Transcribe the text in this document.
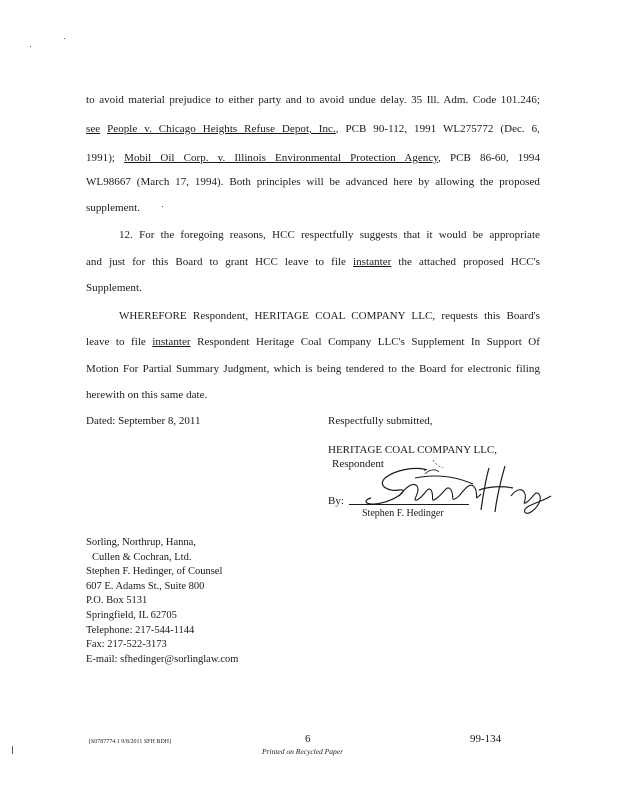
to avoid material prejudice to either party and to avoid undue delay. 35 Ill. Adm. Code 101.246;
see People v. Chicago Heights Refuse Depot, Inc., PCB 90-112, 1991 WL275772 (Dec. 6,
1991); Mobil Oil Corp. v. Illinois Environmental Protection Agency, PCB 86-60, 1994
WL98667 (March 17, 1994). Both principles will be advanced here by allowing the proposed
supplement.
12. For the foregoing reasons, HCC respectfully suggests that it would be appropriate
and just for this Board to grant HCC leave to file instanter the attached proposed HCC's
Supplement.
WHEREFORE Respondent, HERITAGE COAL COMPANY LLC, requests this Board's
leave to file instanter Respondent Heritage Coal Company LLC's Supplement In Support Of
Motion For Partial Summary Judgment, which is being tendered to the Board for electronic filing
herewith on this same date.
Dated: September 8, 2011	Respectfully submitted,
HERITAGE COAL COMPANY LLC,
Respondent
By:
Stephen F. Hedinger
Sorling, Northrup, Hanna,
Cullen & Cochran, Ltd.
Stephen F. Hedinger, of Counsel
607 E. Adams St., Suite 800
P.O. Box 5131
Springfield, IL 62705
Telephone: 217-544-1144
Fax: 217-522-3173
E-mail: sfhedinger@sorlinglaw.com
{S0787774.1 9/8/2011 SFH BDH}	6	99-134
Printed on Recycled Paper
